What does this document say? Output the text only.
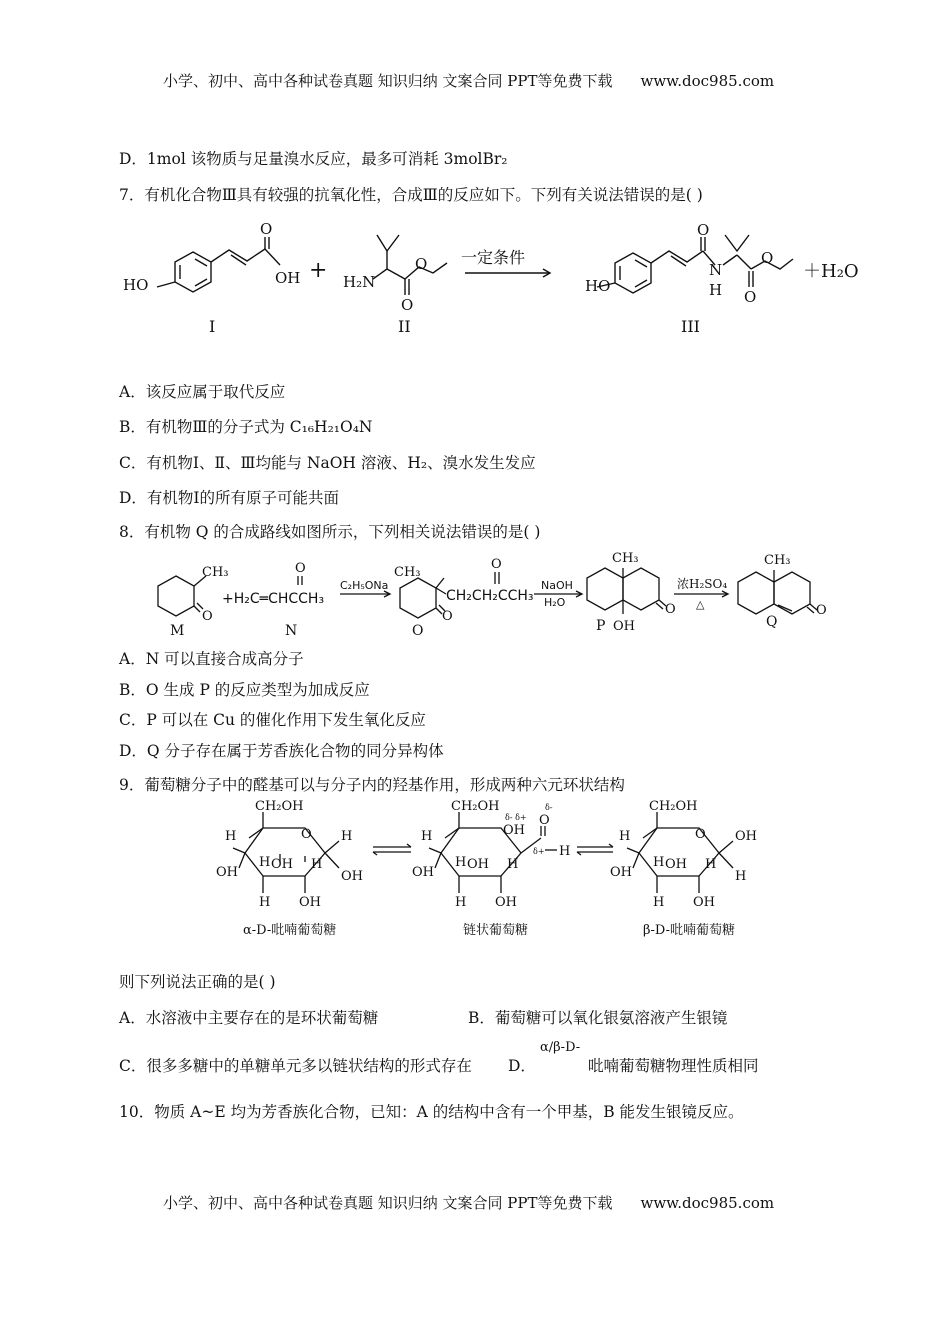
小学、初中、高中各种试卷真题 知识归纳 文案合同 PPT等免费下载 www.doc985.com
D．1mol 该物质与足量溴水反应，最多可消耗 3molBr₂
7．有机化合物Ⅲ具有较强的抗氧化性，合成Ⅲ的反应如下。下列有关说法错误的是( )
HO
O
OH	H₂N
O
O
HO
O
N
H O
O
+
一定条件
＋H₂O
I	II	III
A．该反应属于取代反应
B．有机物Ⅲ的分子式为 C₁₆H₂₁O₄N
C．有机物Ⅰ、Ⅱ、Ⅲ均能与 NaOH 溶液、H₂、溴水发生发应
D．有机物Ⅰ的所有原子可能共面
8．有机物 Q 的合成路线如图所示，下列相关说法错误的是( )
CH₃
O
O	CH₃
O
O	CH₃
O
OH
CH₃
O
+H₂C═CHCCH₃	CH₂CH₂CCH₃
C₂H₅ONa	NaOH
H₂O
浓H₂SO₄
△
M	N	O	P	Q
A．N 可以直接合成高分子
B．O 生成 P 的反应类型为加成反应
C．P 可以在 Cu 的催化作用下发生氧化反应
D．Q 分子存在属于芳香族化合物的同分异构体
9．葡萄糖分子中的醛基可以与分子内的羟基作用，形成两种六元环状结构
CH₂OH
H	O H
OH
H OH H
OH
H OH
CH₂OH
H	OH
OH
H OH H
H OH
O
H
CH₂OH
H	O OH
OH
H OH H
H
H OH
δ- δ+
δ-
δ+
α-D-吡喃葡萄糖	链状葡萄糖	β-D-吡喃葡萄糖
则下列说法正确的是( )
A．水溶液中主要存在的是环状葡萄糖	B．葡萄糖可以氧化银氨溶液产生银镜
C．很多多糖中的单糖单元多以链状结构的形式存在 D．
α/β-D-
吡喃葡萄糖物理性质相同
10．物质 A~E 均为芳香族化合物，已知：A 的结构中含有一个甲基，B 能发生银镜反应。
小学、初中、高中各种试卷真题 知识归纳 文案合同 PPT等免费下载 www.doc985.com
